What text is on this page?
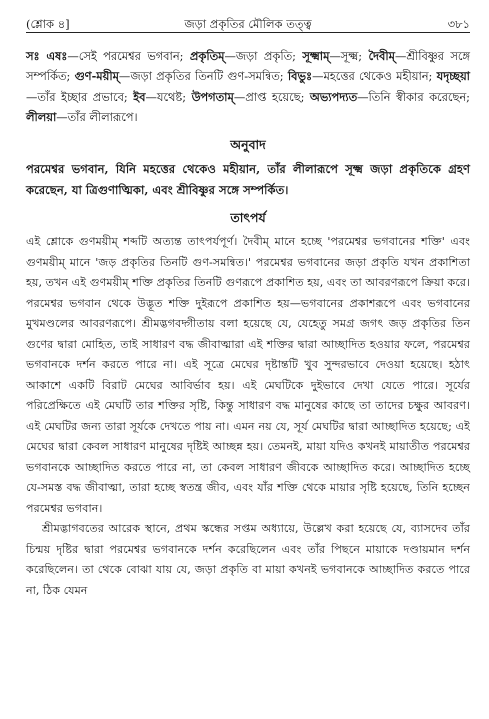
(শ্লোক ৪]	জড়া প্রকৃতির মৌলিক তত্ত্ব	৩৮১
সঃ এষঃ—সেই পরমেশ্বর ভগবান; প্রকৃতিম্—জড়া প্রকৃতি; সূক্ষ্মাম্—সূক্ষ্ম; দৈবীম্—শ্রীবিষ্ণুর সঙ্গে সম্পর্কিত; গুণ-ময়ীম্—জড়া প্রকৃতির তিনটি গুণ-সমন্বিত; বিভুঃ—মহত্তের থেকেও মহীয়ান; যদৃচ্ছয়া—তাঁর ইচ্ছার প্রভাবে; ইব—যথেষ্ট; উপগতাম্—প্রাপ্ত হয়েছে; অভ্যপদ্যত—তিনি স্বীকার করেছেন; লীলয়া—তাঁর লীলারূপে।
অনুবাদ
পরমেশ্বর ভগবান, যিনি মহত্তের থেকেও মহীয়ান, তাঁর লীলারূপে সূক্ষ্ম জড়া প্রকৃতিকে গ্রহণ করেছেন, যা ত্রিগুণাত্মিকা, এবং শ্রীবিষ্ণুর সঙ্গে সম্পর্কিত।
তাৎপর্য

এই শ্লোকে গুণময়ীম্ শব্দটি অত্যন্ত তাৎপর্যপূর্ণ। দৈবীম্ মানে হচ্ছে 'পরমেশ্বর ভগবানের শক্তি' এবং গুণময়ীম্ মানে 'জড় প্রকৃতির তিনটি গুণ-সমন্বিত।' পরমেশ্বর ভগবানের জড়া প্রকৃতি যখন প্রকাশিতা হয়, তখন এই গুণময়ীম্ শক্তি প্রকৃতির তিনটি গুণরূপে প্রকাশিত হয়, এবং তা আবরণরূপে ক্রিয়া করে। পরমেশ্বর ভগবান থেকে উদ্ভূত শক্তি দুইরূপে প্রকাশিত হয়—ভগবানের প্রকাশরূপে এবং ভগবানের মুখমণ্ডলের আবরণরূপে। শ্রীমদ্ভগবদ্গীতায় বলা হয়েছে যে, যেহেতু সমগ্র জগৎ জড় প্রকৃতির তিন গুণের দ্বারা মোহিত, তাই সাধারণ বদ্ধ জীবাত্মারা এই শক্তির দ্বারা আচ্ছাদিত হওয়ার ফলে, পরমেশ্বর ভগবানকে দর্শন করতে পারে না। এই সূত্রে মেঘের দৃষ্টান্তটি খুব সুন্দরভাবে দেওয়া হয়েছে। হঠাৎ আকাশে একটি বিরাট মেঘের আবির্ভাব হয়। এই মেঘটিকে দুইভাবে দেখা যেতে পারে। সূর্যের পরিপ্রেক্ষিতে এই মেঘটি তার শক্তির সৃষ্টি, কিন্তু সাধারণ বদ্ধ মানুষের কাছে তা তাদের চক্ষুর আবরণ। এই মেঘটির জন্য তারা সূর্যকে দেখতে পায় না। এমন নয় যে, সূর্য মেঘটির দ্বারা আচ্ছাদিত হয়েছে; এই মেঘের দ্বারা কেবল সাধারণ মানুষের দৃষ্টিই আচ্ছন্ন হয়। তেমনই, মায়া যদিও কখনই মায়াতীত পরমেশ্বর ভগবানকে আচ্ছাদিত করতে পারে না, তা কেবল সাধারণ জীবকে আচ্ছাদিত করে। আচ্ছাদিত হচ্ছে যে-সমস্ত বদ্ধ জীবাত্মা, তারা হচ্ছে স্বতন্ত্র জীব, এবং যাঁর শক্তি থেকে মায়ার সৃষ্টি হয়েছে, তিনি হচ্ছেন পরমেশ্বর ভগবান।

শ্রীমদ্ভাগবতের আরেক স্থানে, প্রথম স্কন্ধের সপ্তম অধ্যায়ে, উল্লেখ করা হয়েছে যে, ব্যাসদেব তাঁর চিন্ময় দৃষ্টির দ্বারা পরমেশ্বর ভগবানকে দর্শন করেছিলেন এবং তাঁর পিছনে মায়াকে দণ্ডায়মান দর্শন করেছিলেন। তা থেকে বোঝা যায় যে, জড়া প্রকৃতি বা মায়া কখনই ভগবানকে আচ্ছাদিত করতে পারে না, ঠিক যেমন
